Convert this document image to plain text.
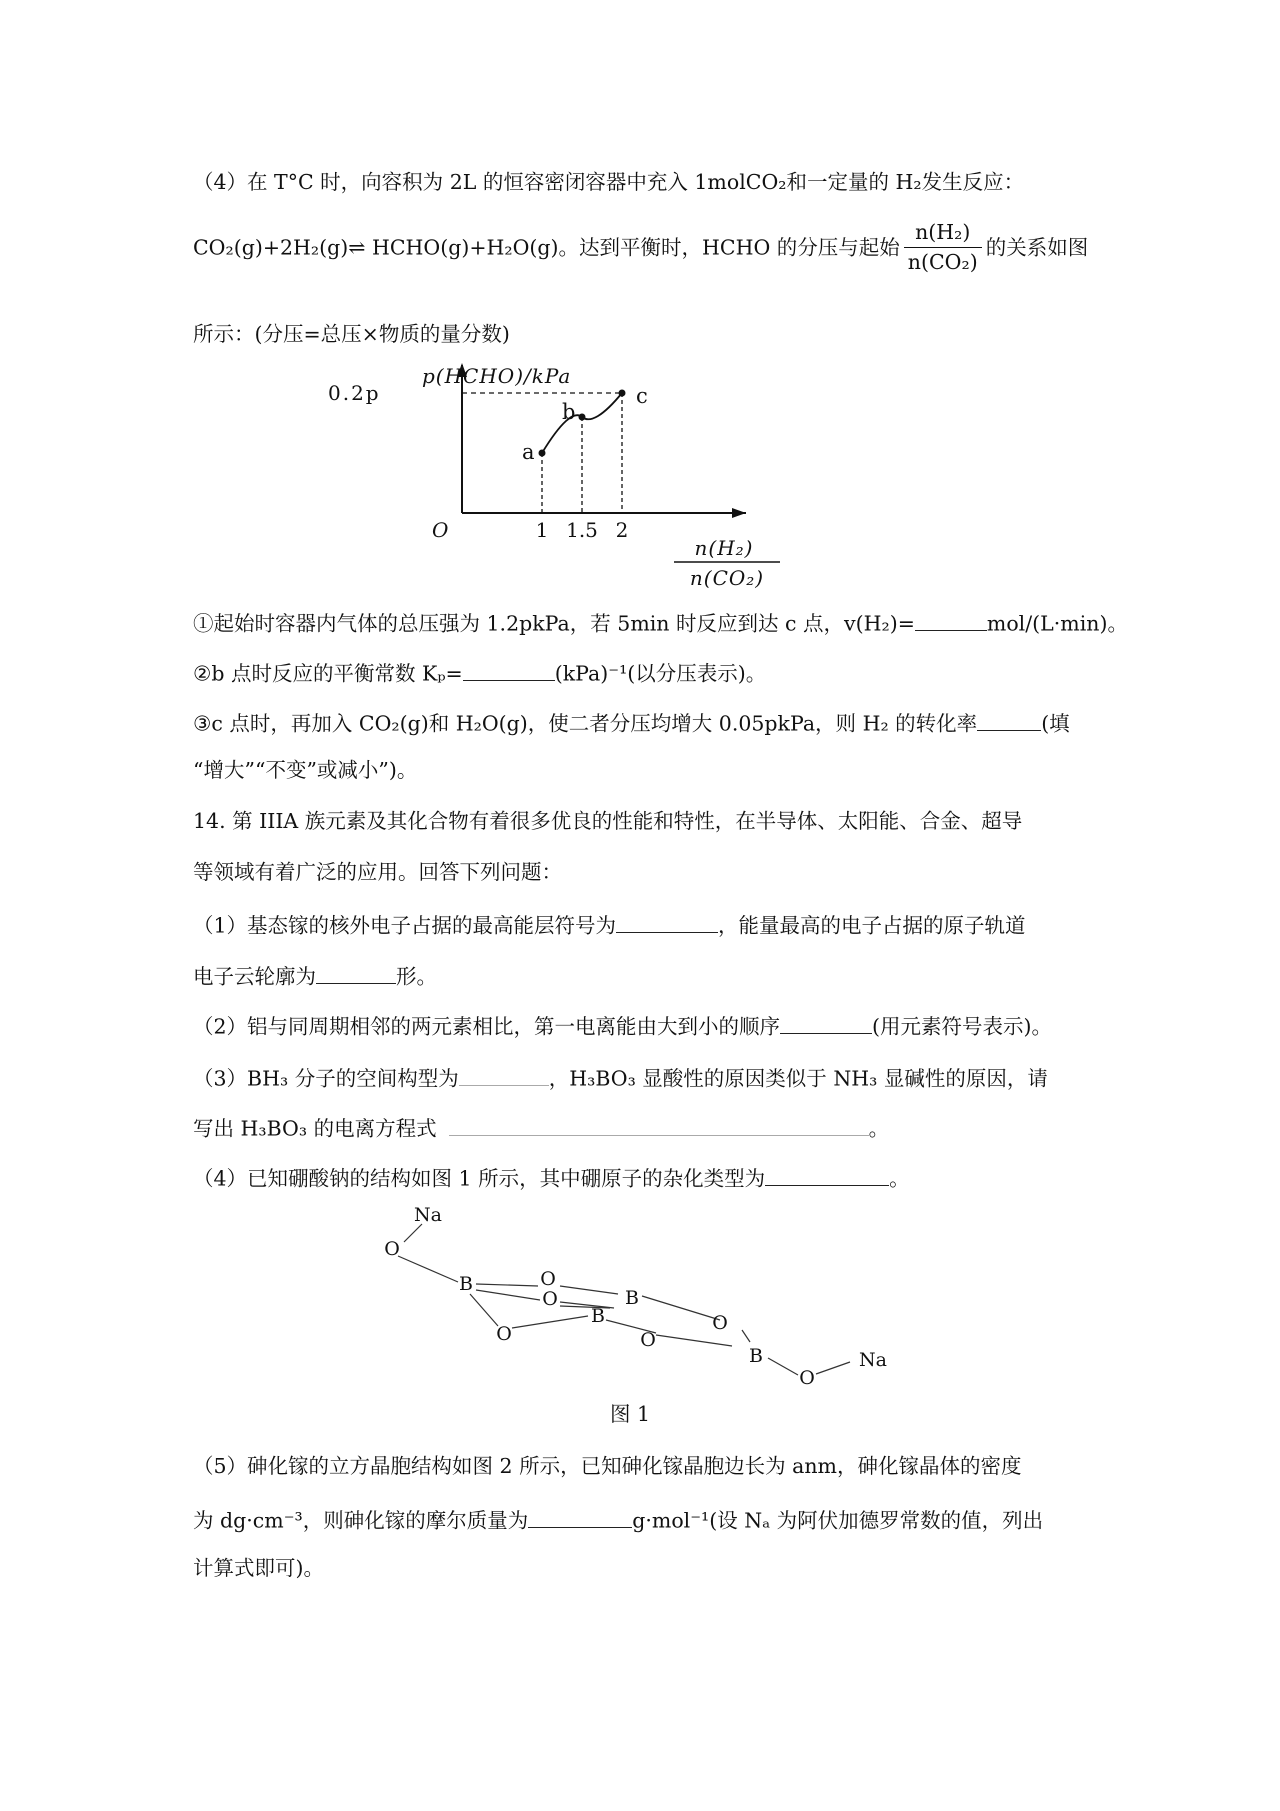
（4）在 T°C 时，向容积为 2L 的恒容密闭容器中充入 1molCO₂和一定量的 H₂发生反应：
CO₂(g)+2H₂(g)⇌ HCHO(g)+H₂O(g)。达到平衡时，HCHO 的分压与起始 $\frac{\text{n(H₂)}}{\text{n(CO₂)}}$ 的关系如图
所示：(分压=总压×物质的量分数)
p(HCHO)/kPa
0.2p
O	1 1.5 2
a
b
c
n(H₂)
n(CO₂)
①起始时容器内气体的总压强为 1.2pkPa，若 5min 时反应到达 c 点，v(H₂)=	mol/(L·min)。
②b 点时反应的平衡常数 Kₚ=	(kPa)⁻¹(以分压表示)。
③c 点时，再加入 CO₂(g)和 H₂O(g)，使二者分压均增大 0.05pkPa，则 H₂ 的转化率	(填
“增大”“不变”或减小”)。
14. 第 IIIA 族元素及其化合物有着很多优良的性能和特性，在半导体、太阳能、合金、超导
等领域有着广泛的应用。回答下列问题：
（1）基态镓的核外电子占据的最高能层符号为	，能量最高的电子占据的原子轨道
电子云轮廓为	形。
（2）铝与同周期相邻的两元素相比，第一电离能由大到小的顺序	(用元素符号表示)。
（3）BH₃ 分子的空间构型为	，H₃BO₃ 显酸性的原因类似于 NH₃ 显碱性的原因，请
写出 H₃BO₃ 的电离方程式	。
（4）已知硼酸钠的结构如图 1 所示，其中硼原子的杂化类型为	。
Na
O
B	O
O	B
B
O	O
O
B
O
Na
图 1
（5）砷化镓的立方晶胞结构如图 2 所示，已知砷化镓晶胞边长为 anm，砷化镓晶体的密度
为 dg·cm⁻³，则砷化镓的摩尔质量为	g·mol⁻¹(设 Nₐ 为阿伏加德罗常数的值，列出
计算式即可)。
